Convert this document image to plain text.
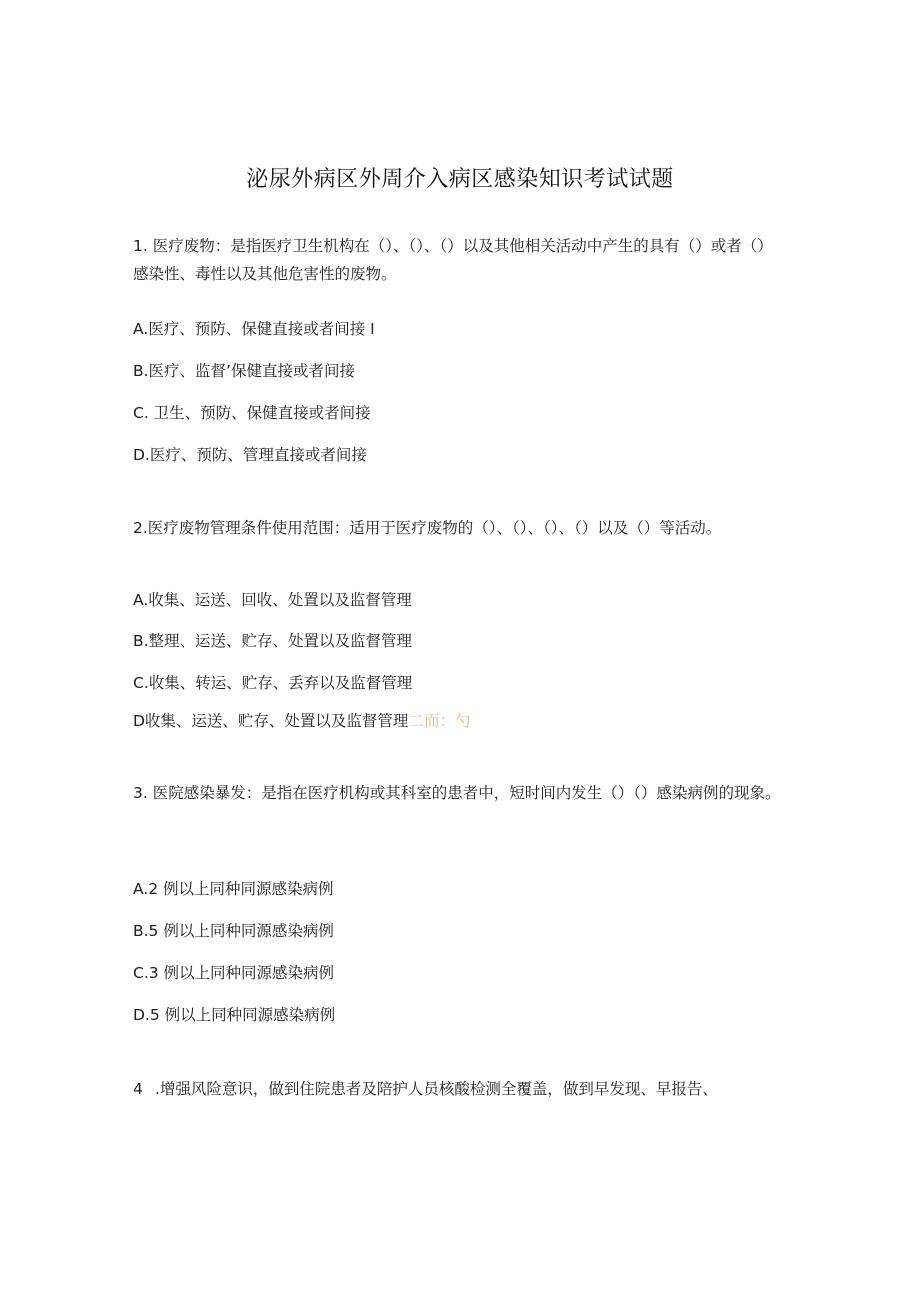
泌尿外病区外周介入病区感染知识考试试题
1. 医疗废物：是指医疗卫生机构在（）、（）、（）以及其他相关活动中产生的具有（）或者（）感染性、毒性以及其他危害性的废物。
A.医疗、预防、保健直接或者间接 I
B.医疗、监督’保健直接或者间接
C. 卫生、预防、保健直接或者间接
D.医疗、预防、管理直接或者间接
2.医疗废物管理条件使用范围：适用于医疗废物的（）、（）、（）、（）以及（）等活动。
A.收集、运送、回收、处置以及监督管理
B.整理、运送、贮存、处置以及监督管理
C.收集、转运、贮存、丢弃以及监督管理
D收集、运送、贮存、处置以及监督管理二而：勺
3. 医院感染暴发：是指在医疗机构或其科室的患者中，短时间内发生（）（）感染病例的现象。
A.2 例以上同种同源感染病例
B.5 例以上同种同源感染病例
C.3 例以上同种同源感染病例
D.5 例以上同种同源感染病例
4 .增强风险意识，做到住院患者及陪护人员核酸检测全覆盖，做到早发现、早报告、
